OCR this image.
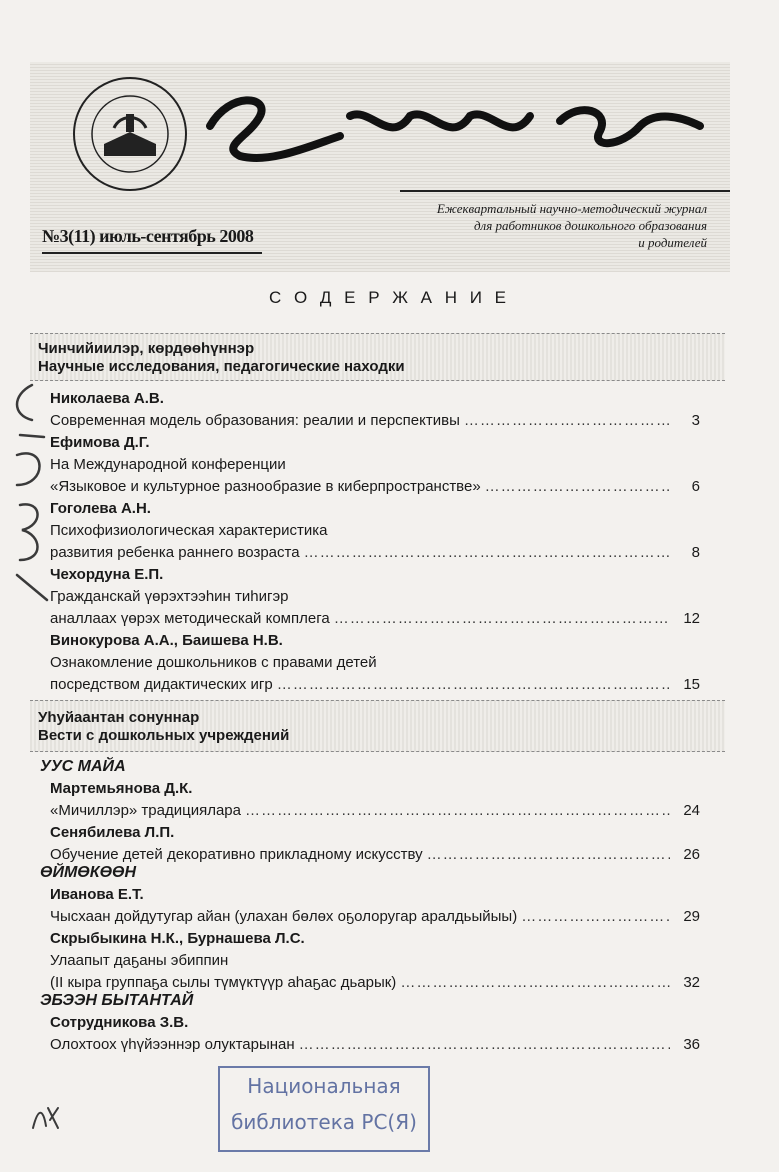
Ежеквартальный научно-методический журнал
для работников дошкольного образования
и родителей
№3(11) июль-сентябрь 2008
С О Д Е Р Ж А Н И Е
Чинчийиилэр, көрдөөһүннэр
Научные исследования, педагогические находки
Николаева А.В.
Современная модель образования: реалии и перспективы ……………………………………………………………………………………………………………………………………	3
Ефимова Д.Г.
На Международной конференции
«Языковое и культурное разнообразие в киберпространстве» ……………………………………………………………………………………………………………………………………	6
Гоголева А.Н.
Психофизиологическая характеристика
развития ребенка раннего возраста ……………………………………………………………………………………………………………………………………	8
Чехордуна Е.П.
Гражданскай үөрэхтээһин тиһигэр
аналлаах үөрэх методическай комплега ……………………………………………………………………………………………………………………………………	12
Винокурова А.А., Баишева Н.В.
Ознакомление дошкольников с правами детей
посредством дидактических игр ……………………………………………………………………………………………………………………………………	15
Уһуйаантан сонуннар
Вести с дошкольных учреждений
УУС МАЙА
Мартемьянова Д.К.
«Мичиллэр» традициялара ……………………………………………………………………………………………………………………………………	24
Сенябилева Л.П.
Обучение детей декоративно прикладному искусству ……………………………………………………………………………………………………………………………………	26
ӨЙМӨКӨӨН
Иванова Е.Т.
Чысхаан дойдутугар айан (улахан бөлөх оҕолоругар аралдьыйыы) ……………………………………………………………………………………………………………………………………	29
Скрыбыкина Н.К., Бурнашева Л.С.
Улаапыт даҕаны эбиппин
(II кыра группаҕа сылы түмүктүүр аһаҕас дьарык) ……………………………………………………………………………………………………………………………………	32
ЭБЭЭН БЫТАНТАЙ
Сотрудникова З.В.
Олохтоох үһүйээннэр олуктарынан ……………………………………………………………………………………………………………………………………	36
Национальная
библиотека РС(Я)
